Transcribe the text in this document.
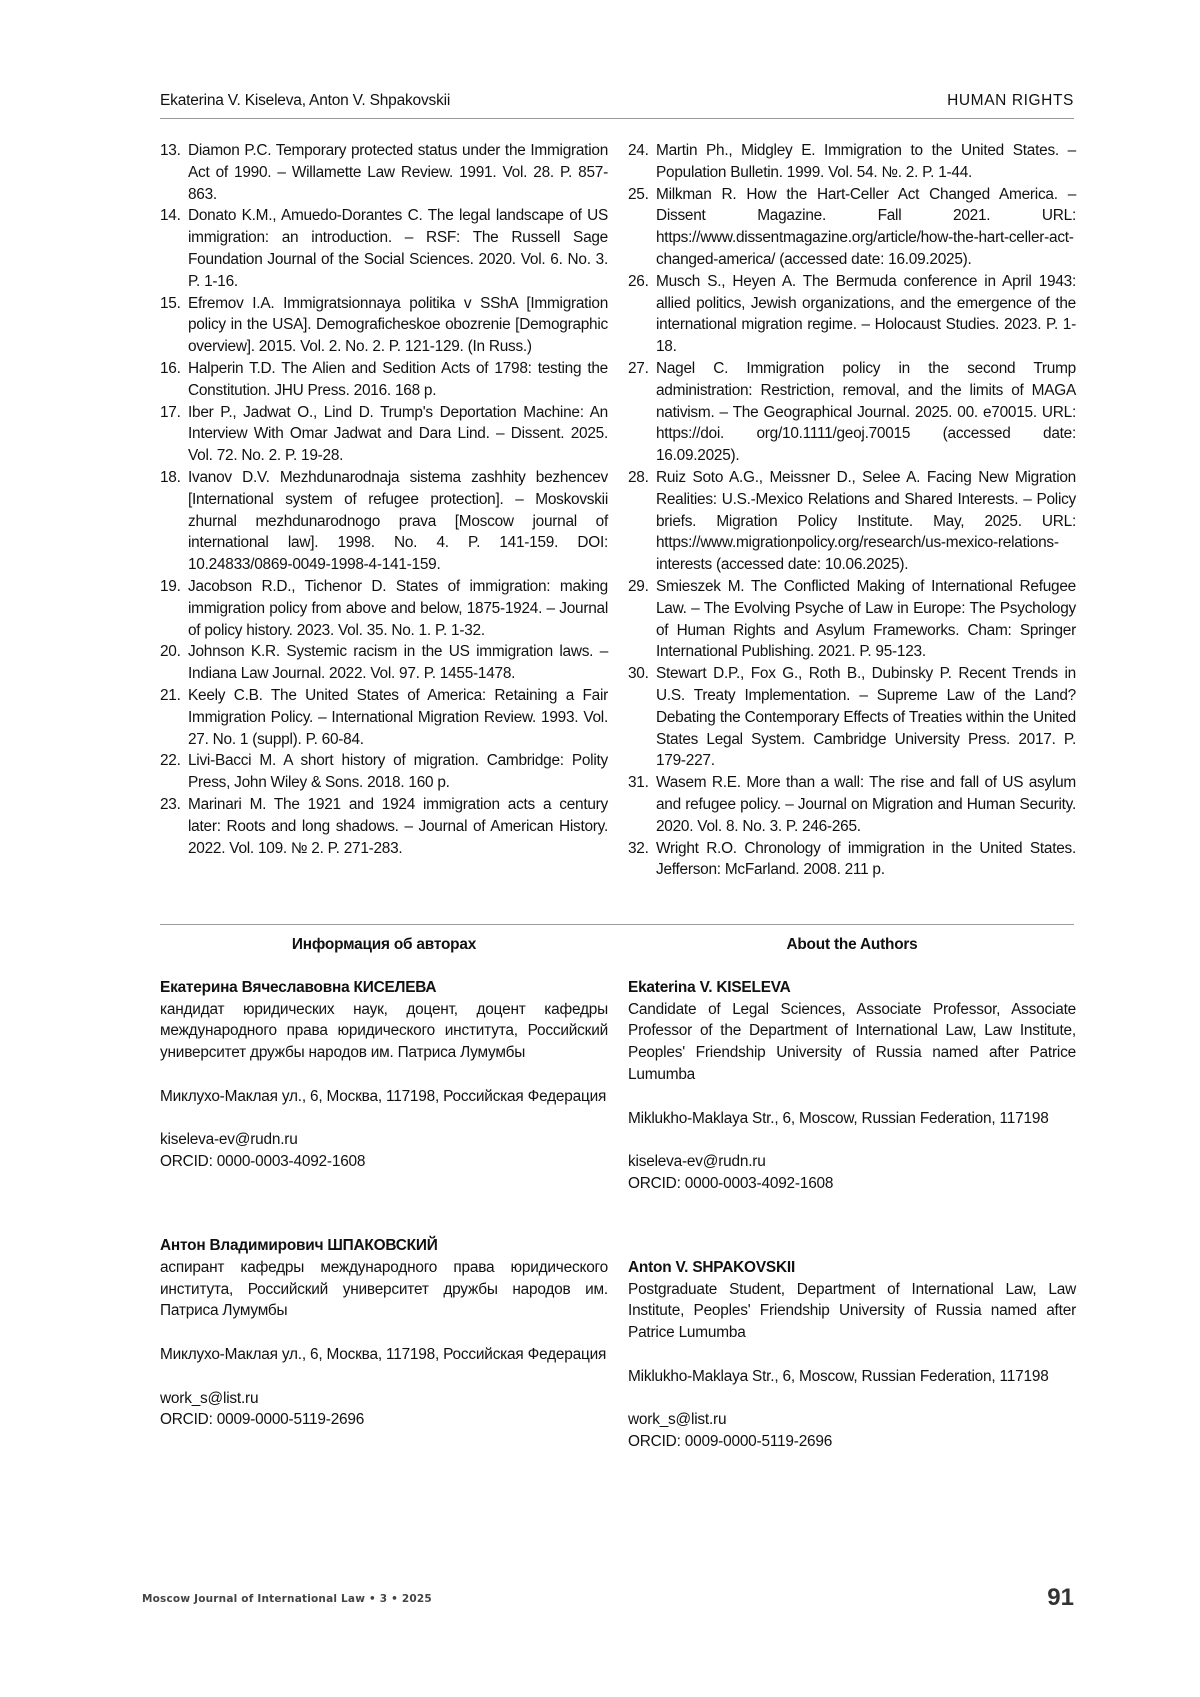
Ekaterina V. Kiseleva, Anton V. Shpakovskii	HUMAN RIGHTS
13. Diamon P.C. Temporary protected status under the Immigration Act of 1990. – Willamette Law Review. 1991. Vol. 28. P. 857-863.
14. Donato K.M., Amuedo-Dorantes C. The legal landscape of US immigration: an introduction. – RSF: The Russell Sage Foundation Journal of the Social Sciences. 2020. Vol. 6. No. 3. P. 1-16.
15. Efremov I.A. Immigratsionnaya politika v SShA [Immigration policy in the USA]. Demograficheskoe obozrenie [Demographic overview]. 2015. Vol. 2. No. 2. P. 121-129. (In Russ.)
16. Halperin T.D. The Alien and Sedition Acts of 1798: testing the Constitution. JHU Press. 2016. 168 p.
17. Iber P., Jadwat O., Lind D. Trump's Deportation Machine: An Interview With Omar Jadwat and Dara Lind. – Dissent. 2025. Vol. 72. No. 2. P. 19-28.
18. Ivanov D.V. Mezhdunarodnaja sistema zashhity bezhencev [International system of refugee protection]. – Moskovskii zhurnal mezhdunarodnogo prava [Moscow journal of international law]. 1998. No. 4. P. 141-159. DOI: 10.24833/0869-0049-1998-4-141-159.
19. Jacobson R.D., Tichenor D. States of immigration: making immigration policy from above and below, 1875-1924. – Journal of policy history. 2023. Vol. 35. No. 1. P. 1-32.
20. Johnson K.R. Systemic racism in the US immigration laws. – Indiana Law Journal. 2022. Vol. 97. P. 1455-1478.
21. Keely C.B. The United States of America: Retaining a Fair Immigration Policy. – International Migration Review. 1993. Vol. 27. No. 1 (suppl). P. 60-84.
22. Livi-Bacci M. A short history of migration. Cambridge: Polity Press, John Wiley & Sons. 2018. 160 p.
23. Marinari M. The 1921 and 1924 immigration acts a century later: Roots and long shadows. – Journal of American History. 2022. Vol. 109. № 2. P. 271-283.
24. Martin Ph., Midgley E. Immigration to the United States. – Population Bulletin. 1999. Vol. 54. №. 2. P. 1-44.
25. Milkman R. How the Hart-Celler Act Changed America. – Dissent Magazine. Fall 2021. URL: https://www.dissentmagazine.org/article/how-the-hart-celler-act-changed-america/ (accessed date: 16.09.2025).
26. Musch S., Heyen A. The Bermuda conference in April 1943: allied politics, Jewish organizations, and the emergence of the international migration regime. – Holocaust Studies. 2023. P. 1-18.
27. Nagel C. Immigration policy in the second Trump administration: Restriction, removal, and the limits of MAGA nativism. – The Geographical Journal. 2025. 00. e70015. URL: https://doi. org/10.1111/geoj.70015 (accessed date: 16.09.2025).
28. Ruiz Soto A.G., Meissner D., Selee A. Facing New Migration Realities: U.S.-Mexico Relations and Shared Interests. – Policy briefs. Migration Policy Institute. May, 2025. URL: https://www.migrationpolicy.org/research/us-mexico-relations-interests (accessed date: 10.06.2025).
29. Smieszek M. The Conflicted Making of International Refugee Law. – The Evolving Psyche of Law in Europe: The Psychology of Human Rights and Asylum Frameworks. Cham: Springer International Publishing. 2021. P. 95-123.
30. Stewart D.P., Fox G., Roth B., Dubinsky P. Recent Trends in U.S. Treaty Implementation. – Supreme Law of the Land? Debating the Contemporary Effects of Treaties within the United States Legal System. Cambridge University Press. 2017. P. 179-227.
31. Wasem R.E. More than a wall: The rise and fall of US asylum and refugee policy. – Journal on Migration and Human Security. 2020. Vol. 8. No. 3. P. 246-265.
32. Wright R.O. Chronology of immigration in the United States. Jefferson: McFarland. 2008. 211 p.
Информация об авторах
Екатерина Вячеславовна КИСЕЛЕВА

кандидат юридических наук, доцент, доцент кафедры международного права юридического института, Российский университет дружбы народов им. Патриса Лумумбы

Миклухо-Маклая ул., 6, Москва, 117198, Российская Федерация

kiseleva-ev@rudn.ru

ORCID: 0000-0003-4092-1608

Антон Владимирович ШПАКОВСКИЙ

аспирант кафедры международного права юридического института, Российский университет дружбы народов им. Патриса Лумумбы

Миклухо-Маклая ул., 6, Москва, 117198, Российская Федерация

work_s@list.ru

ORCID: 0009-0000-5119-2696

About the Authors
Ekaterina V. KISELEVA

Candidate of Legal Sciences, Associate Professor, Associate Professor of the Department of International Law, Law Institute, Peoples' Friendship University of Russia named after Patrice Lumumba

Miklukho-Maklaya Str., 6, Moscow, Russian Federation, 117198

kiseleva-ev@rudn.ru

ORCID: 0000-0003-4092-1608

Anton V. SHPAKOVSKII

Postgraduate Student, Department of International Law, Law Institute, Peoples' Friendship University of Russia named after Patrice Lumumba

Miklukho-Maklaya Str., 6, Moscow, Russian Federation, 117198

work_s@list.ru

ORCID: 0009-0000-5119-2696

Moscow Journal of International Law • 3 • 2025	91
